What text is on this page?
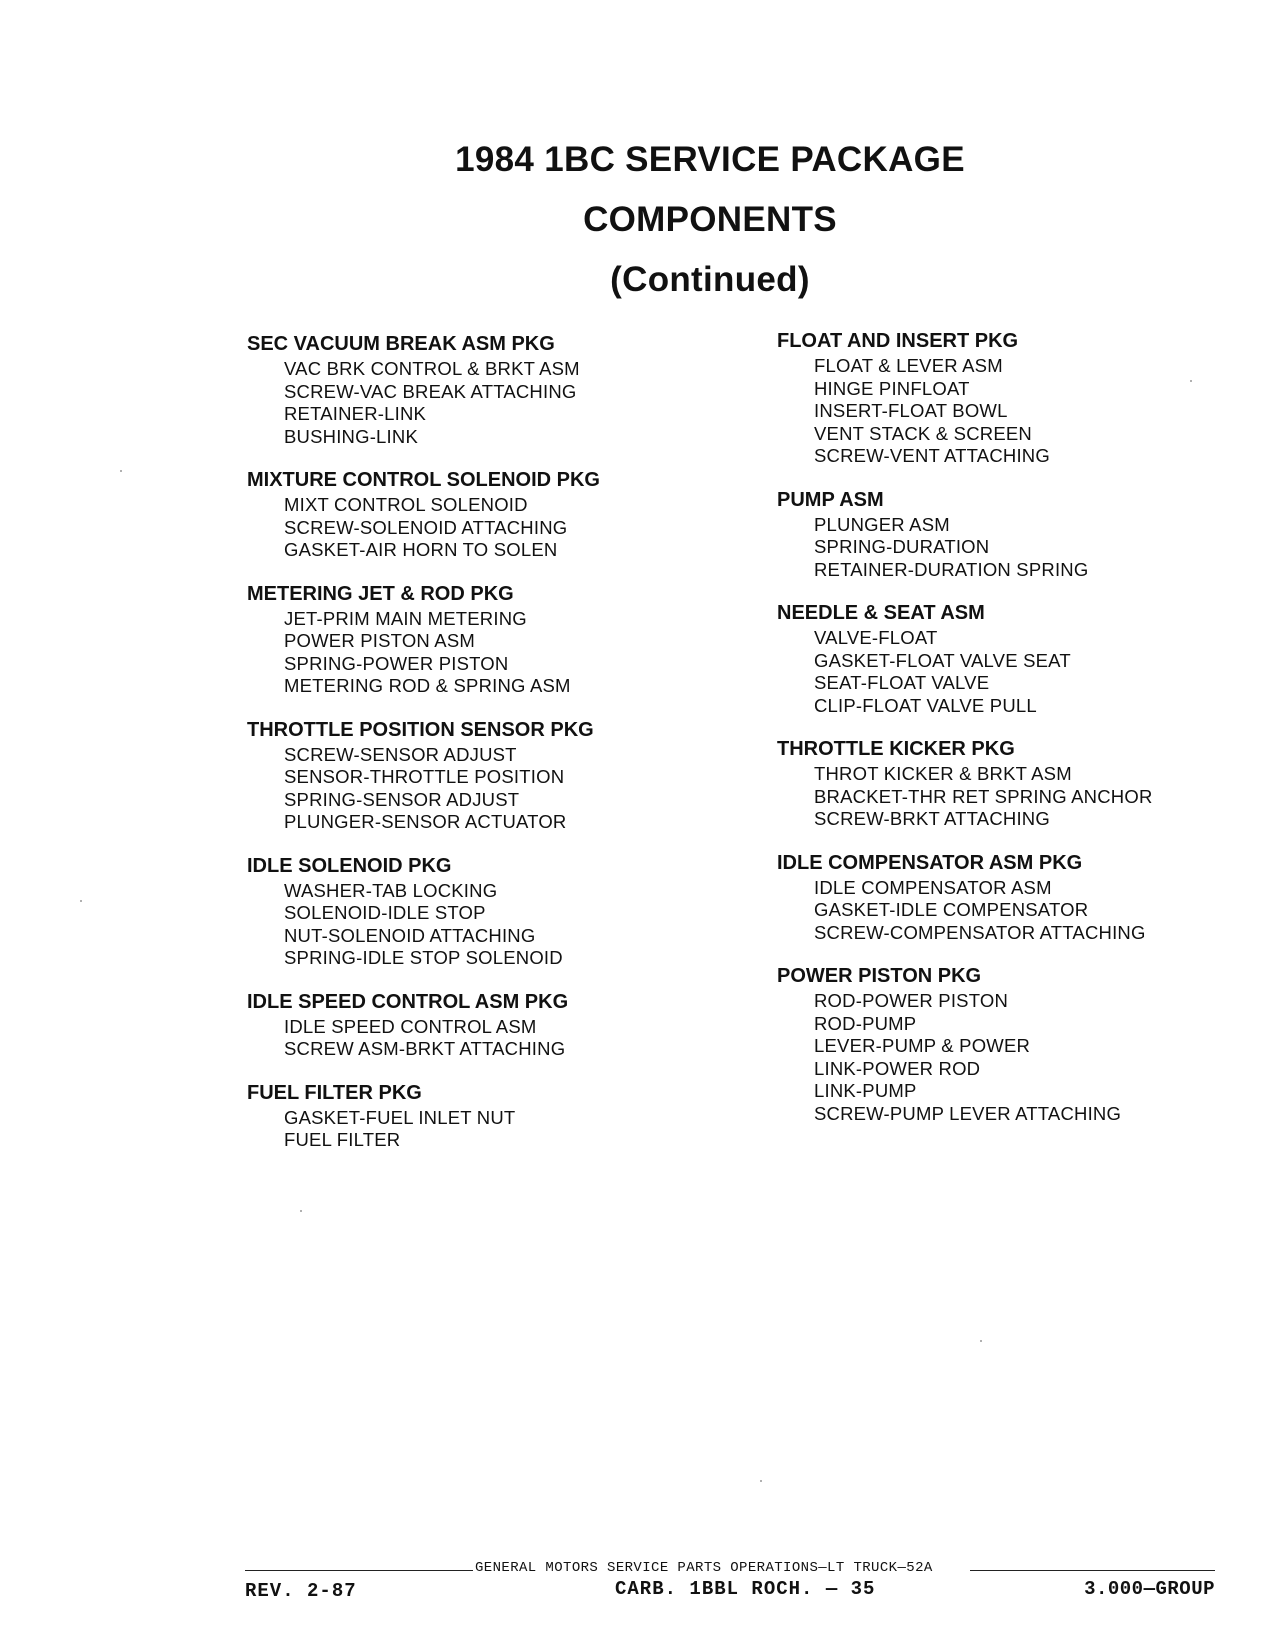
1984 1BC SERVICE PACKAGE
COMPONENTS
(Continued)
SEC VACUUM BREAK ASM PKG
VAC BRK CONTROL & BRKT ASM
SCREW-VAC BREAK ATTACHING
RETAINER-LINK
BUSHING-LINK
MIXTURE CONTROL SOLENOID PKG
MIXT CONTROL SOLENOID
SCREW-SOLENOID ATTACHING
GASKET-AIR HORN TO SOLEN
METERING JET & ROD PKG
JET-PRIM MAIN METERING
POWER PISTON ASM
SPRING-POWER PISTON
METERING ROD & SPRING ASM
THROTTLE POSITION SENSOR PKG
SCREW-SENSOR ADJUST
SENSOR-THROTTLE POSITION
SPRING-SENSOR ADJUST
PLUNGER-SENSOR ACTUATOR
IDLE SOLENOID PKG
WASHER-TAB LOCKING
SOLENOID-IDLE STOP
NUT-SOLENOID ATTACHING
SPRING-IDLE STOP SOLENOID
IDLE SPEED CONTROL ASM PKG
IDLE SPEED CONTROL ASM
SCREW ASM-BRKT ATTACHING
FUEL FILTER PKG
GASKET-FUEL INLET NUT
FUEL FILTER
FLOAT AND INSERT PKG
FLOAT & LEVER ASM
HINGE PINFLOAT
INSERT-FLOAT BOWL
VENT STACK & SCREEN
SCREW-VENT ATTACHING
PUMP ASM
PLUNGER ASM
SPRING-DURATION
RETAINER-DURATION SPRING
NEEDLE & SEAT ASM
VALVE-FLOAT
GASKET-FLOAT VALVE SEAT
SEAT-FLOAT VALVE
CLIP-FLOAT VALVE PULL
THROTTLE KICKER PKG
THROT KICKER & BRKT ASM
BRACKET-THR RET SPRING ANCHOR
SCREW-BRKT ATTACHING
IDLE COMPENSATOR ASM PKG
IDLE COMPENSATOR ASM
GASKET-IDLE COMPENSATOR
SCREW-COMPENSATOR ATTACHING
POWER PISTON PKG
ROD-POWER PISTON
ROD-PUMP
LEVER-PUMP & POWER
LINK-POWER ROD
LINK-PUMP
SCREW-PUMP LEVER ATTACHING
GENERAL MOTORS SERVICE PARTS OPERATIONS—LT TRUCK—52A
REV. 2-87	CARB. 1BBL ROCH. — 35	3.000—GROUP
